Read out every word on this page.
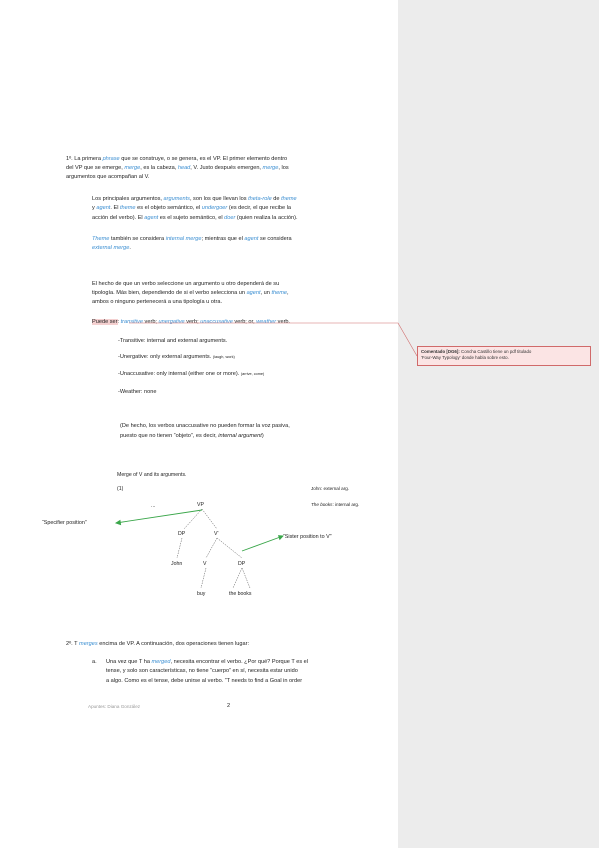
Comentado [DG6]: Concha Castillo tiene un pdf titulado
'Four-Way Typology' donde habla sobre esto.
1º. La primera phrase que se construye, o se genera, es el VP. El primer elemento dentro
del VP que se emerge, merge, es la cabeza, head, V. Justo después emergen, merge, los
argumentos que acompañan al V.
Los principales argumentos, arguments, son los que llevan los theta-role de theme
y agent. El theme es el objeto semántico, el undergoer (es decir, el que recibe la
acción del verbo). El agent es el sujeto semántico, el doer (quien realiza la acción).
Theme también se considera internal merge; mientras que el agent se considera
external merge.
El hecho de que un verbo seleccione un argumento u otro dependerá de su
tipología. Más bien, dependiendo de si el verbo selecciona un agent, un theme,
ambos o ninguno pertenecerá a una tipología u otra.
Puede ser: transitive verb; unergative verb; unaccusative verb; or, weather verb.
-Transitive: internal and external arguments.
-Unergative: only external arguments. (laugh, work)
-Unaccusative: only internal (either one or more). (arrive, come)
-Weather: none
(De hecho, los verbos unaccusative no pueden formar la voz pasiva,
puesto que no tienen “objeto”, es decir, internal argument)
Merge of V and its arguments.
(1)
...
John: external arg.
The books: internal arg.
VP
DP	V'
John	V	DP
buy	the books
“Specifier position”
“Sister position to V”
2º. T merges encima de VP. A continuación, dos operaciones tienen lugar:
a. Una vez que T ha merged, necesita encontrar el verbo. ¿Por qué? Porque T es el
tense, y solo son características, no tiene “cuerpo” en sí, necesita estar unido
a algo. Como es el tense, debe unirse al verbo. “T needs to find a Goal in order
Apuntes: Diana González	2
